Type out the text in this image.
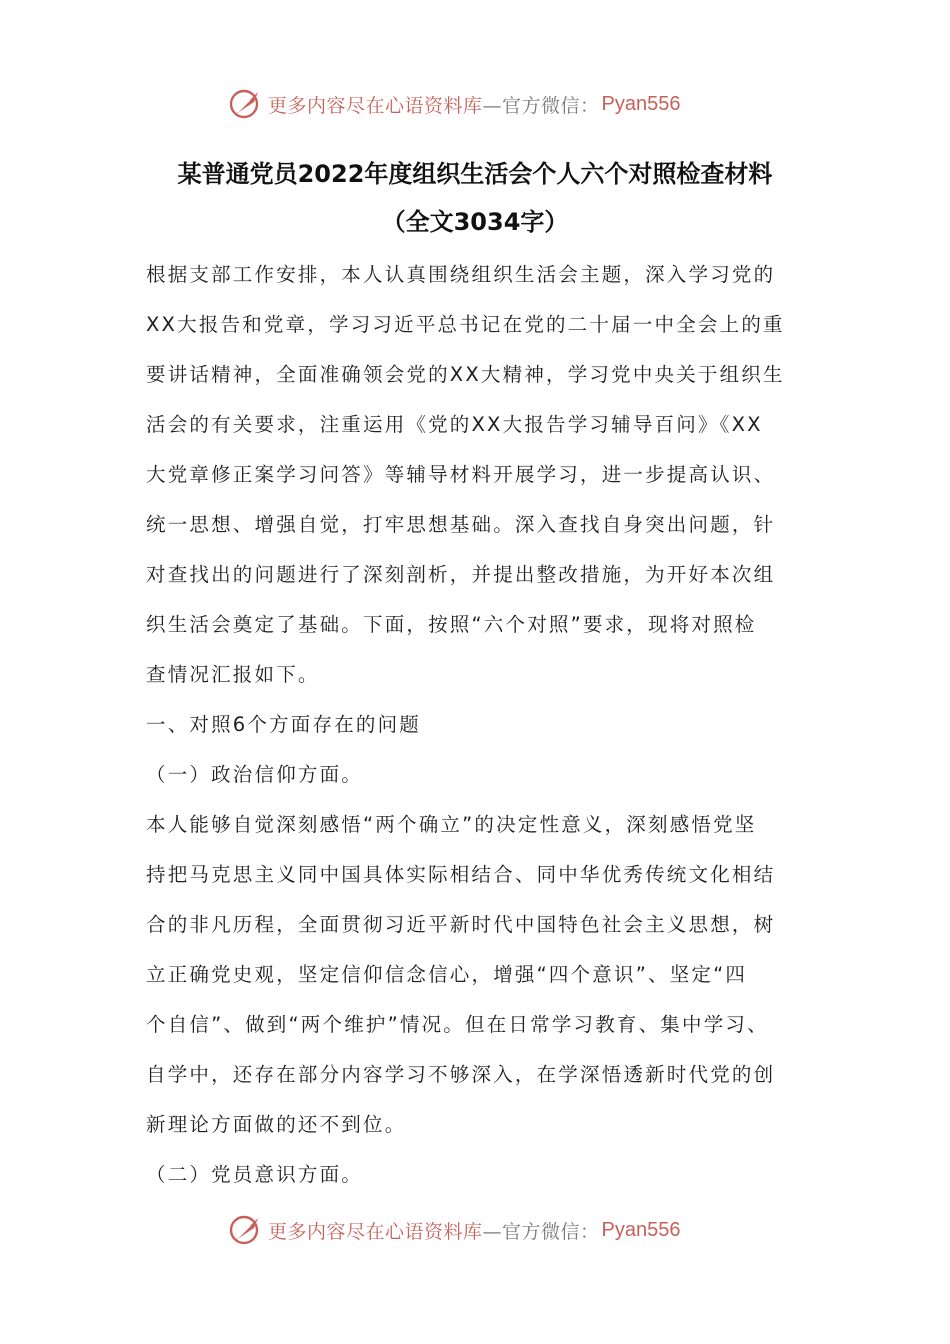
更多内容尽在心语资料库 —官方微信： Pyan556
某普通党员2022年度组织生活会个人六个对照检查材料
（全文3034字）
根据支部工作安排，本人认真围绕组织生活会主题，深入学习党的
XX大报告和党章，学习习近平总书记在党的二十届一中全会上的重
要讲话精神，全面准确领会党的XX大精神，学习党中央关于组织生
活会的有关要求，注重运用《党的XX大报告学习辅导百问》《XX
大党章修正案学习问答》等辅导材料开展学习，进一步提高认识、
统一思想、增强自觉，打牢思想基础。深入查找自身突出问题，针
对查找出的问题进行了深刻剖析，并提出整改措施，为开好本次组
织生活会奠定了基础。下面，按照“六个对照”要求，现将对照检
查情况汇报如下。
一、对照6个方面存在的问题
（一）政治信仰方面。
本人能够自觉深刻感悟“两个确立”的决定性意义，深刻感悟党坚
持把马克思主义同中国具体实际相结合、同中华优秀传统文化相结
合的非凡历程，全面贯彻习近平新时代中国特色社会主义思想，树
立正确党史观，坚定信仰信念信心，增强“四个意识”、坚定“四
个自信”、做到“两个维护”情况。但在日常学习教育、集中学习、
自学中，还存在部分内容学习不够深入，在学深悟透新时代党的创
新理论方面做的还不到位。
（二）党员意识方面。
更多内容尽在心语资料库 —官方微信： Pyan556
